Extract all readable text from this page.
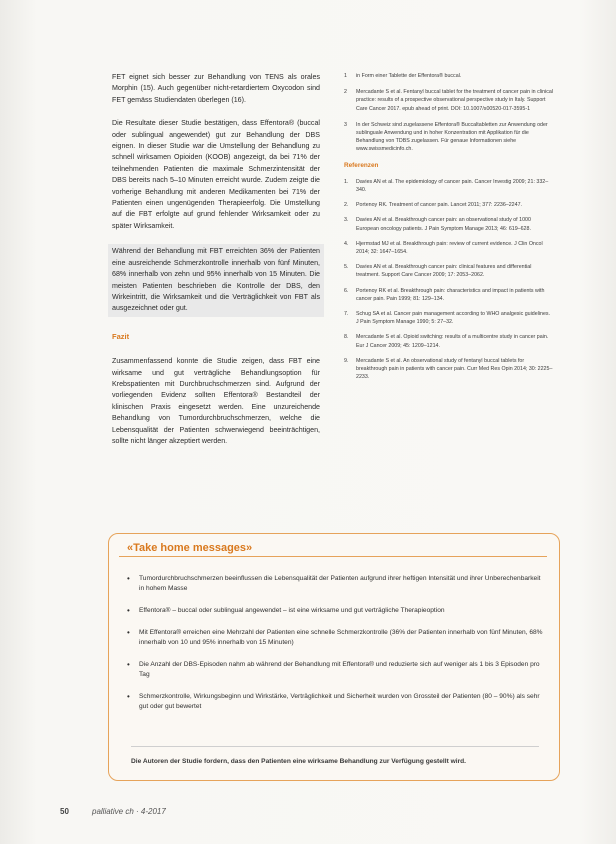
FET eignet sich besser zur Behandlung von TENS als orales Morphin (15). Auch gegenüber nicht-retardiertem Oxycodon sind FET gemäss Studiendaten überlegen (16).

Die Resultate dieser Studie bestätigen, dass Effentora® (buccal oder sublingual angewendet) gut zur Behandlung der DBS eignen. In dieser Studie war die Umstellung der Behandlung zu schnell wirksamen Opioiden (KOOB) angezeigt, da bei 71% der teilnehmenden Patienten die maximale Schmerzintensität der DBS bereits nach 5–10 Minuten erreicht wurde. Zudem zeigte die vorherige Behandlung mit anderen Medikamenten bei 71% der Patienten einen ungenügenden Therapieerfolg. Die Umstellung auf die FBT erfolgte auf grund fehlender Wirksamkeit oder zu später Wirksamkeit.

Während der Behandlung mit FBT erreichten 36% der Patienten eine ausreichende Schmerzkontrolle innerhalb von fünf Minuten, 68% innerhalb von zehn und 95% innerhalb von 15 Minuten. Die meisten Patienten beschrieben die Kontrolle der DBS, den Wirkeintritt, die Wirksamkeit und die Verträglichkeit von FBT als ausgezeichnet oder gut.

Fazit

Zusammenfassend konnte die Studie zeigen, dass FBT eine wirksame und gut verträgliche Behandlungsoption für Krebspatienten mit Durchbruchschmerzen sind. Aufgrund der vorliegenden Evidenz sollten Effentora® Bestandteil der klinischen Praxis eingesetzt werden. Eine unzureichende Behandlung von Tumordurchbruchschmerzen, welche die Lebensqualität der Patienten schwerwiegend beeinträchtigen, sollte nicht länger akzeptiert werden.

1	in Form einer Tablette der Effentora® buccal.
2	Mercadante S et al. Fentanyl buccal tablet for the treatment of cancer pain in clinical practice: results of a prospective observational perspective study in Italy. Support Care Cancer 2017. epub ahead of print. DOI: 10.1007/s00520-017-3595-1
3	In der Schweiz sind zugelassene Effentora® Buccaltabletten zur Anwendung oder sublinguale Anwendung und in hoher Konzentration mit Applikation für die Behandlung von TDBS zugelassen. Für genaue Informationen siehe www.swissmedicinfo.ch.
Referenzen
1.	Davies AN et al. The epidemiology of cancer pain. Cancer Investig 2009; 21: 332–340.
2.	Portenoy RK. Treatment of cancer pain. Lancet 2011; 377: 2236–2247.
3.	Davies AN et al. Breakthrough cancer pain: an observational study of 1000 European oncology patients. J Pain Symptom Manage 2013; 46: 619–628.
4.	Hjermstad MJ et al. Breakthrough pain: review of current evidence. J Clin Oncol 2014; 32: 1647–1654.
5.	Davies AN et al. Breakthrough cancer pain: clinical features and differential treatment. Support Care Cancer 2009; 17: 2053–2062.
6.	Portenoy RK et al. Breakthrough pain: characteristics and impact in patients with cancer pain. Pain 1999; 81: 129–134.
7.	Schug SA et al. Cancer pain management according to WHO analgesic guidelines. J Pain Symptom Manage 1990; 5: 27–32.
8.	Mercadante S et al. Opioid switching: results of a multicentre study in cancer pain. Eur J Cancer 2009; 45: 1209–1214.
9.	Mercadante S et al. An observational study of fentanyl buccal tablets for breakthrough pain in patients with cancer pain. Curr Med Res Opin 2014; 30: 2225–2233.
«Take home messages»
•	Tumordurchbruchschmerzen beeinflussen die Lebensqualität der Patienten aufgrund ihrer heftigen Intensität und ihrer Unberechenbarkeit in hohem Masse
•	Effentora® – buccal oder sublingual angewendet – ist eine wirksame und gut verträgliche Therapieoption
•	Mit Effentora® erreichen eine Mehrzahl der Patienten eine schnelle Schmerzkontrolle (36% der Patienten innerhalb von fünf Minuten, 68% innerhalb von 10 und 95% innerhalb von 15 Minuten)
•	Die Anzahl der DBS-Episoden nahm ab während der Behandlung mit Effentora® und reduzierte sich auf weniger als 1 bis 3 Episoden pro Tag
•	Schmerzkontrolle, Wirkungsbeginn und Wirkstärke, Verträglichkeit und Sicherheit wurden von Grossteil der Patienten (80 – 90%) als sehr gut oder gut bewertet
Die Autoren der Studie fordern, dass den Patienten eine wirksame Behandlung zur Verfügung gestellt wird.
50	palliative ch · 4-2017
